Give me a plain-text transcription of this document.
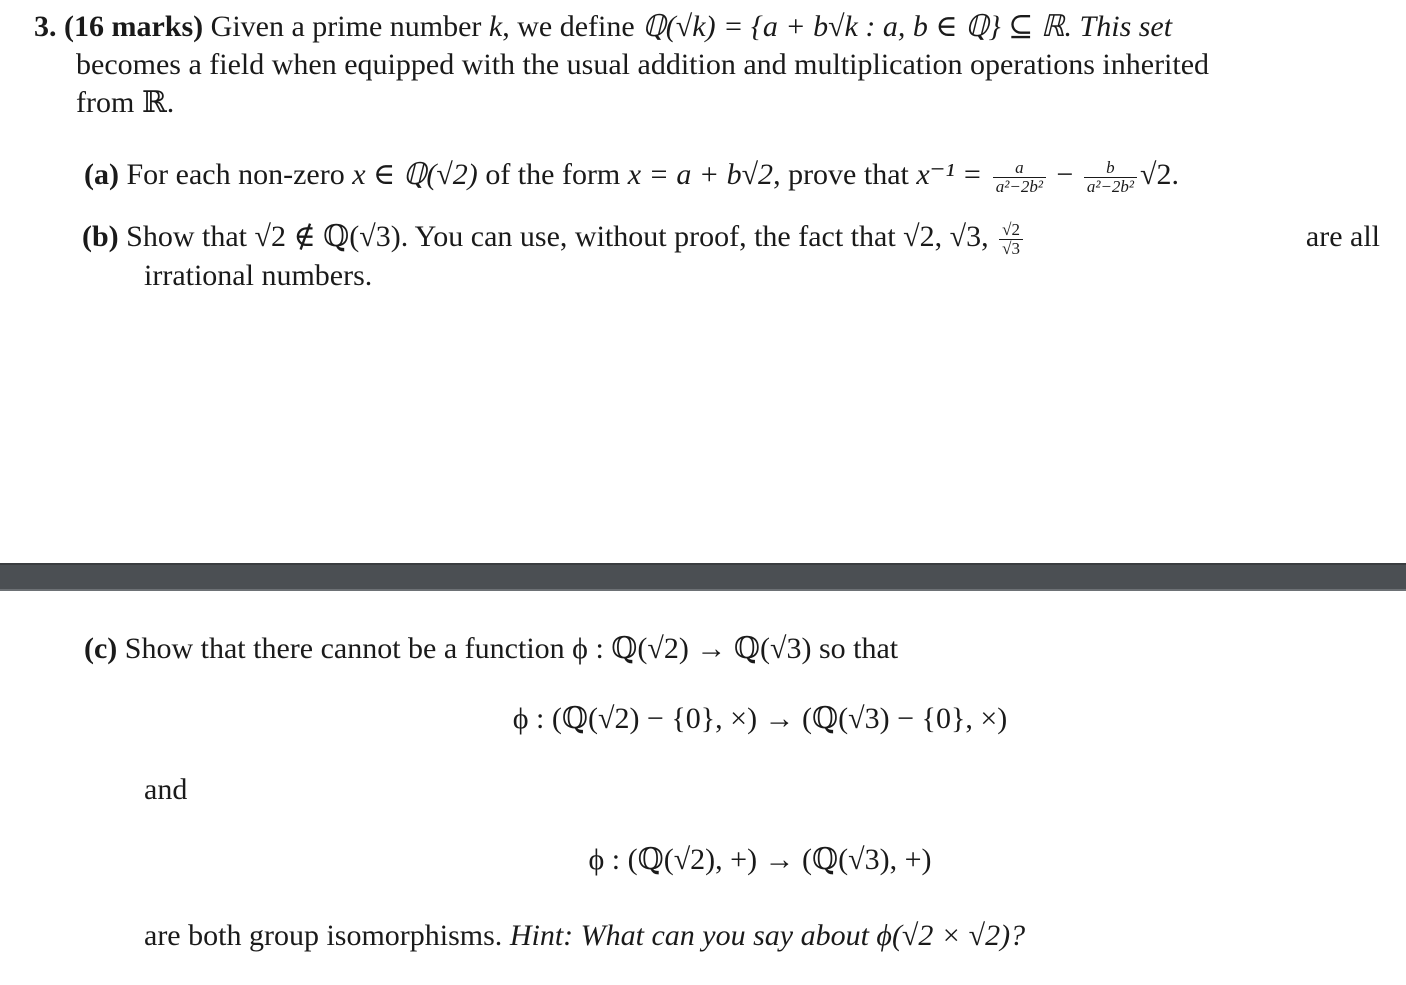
3. (16 marks) Given a prime number k, we define ℚ(√k) = {a + b√k : a, b ∈ ℚ} ⊆ ℝ. This set
becomes a field when equipped with the usual addition and multiplication operations inherited
from ℝ.
(a) For each non-zero x ∈ ℚ(√2) of the form x = a + b√2, prove that $x^{-1} = \frac{a}{\text{a²−2b²}} - \frac{b}{\text{a²−2b²}} √2$.
(b) Show that √2 ∉ ℚ(√3). You can use, without proof, the fact that √2, √3, $\frac{√2}{√3}$	are all
irrational numbers.
(c) Show that there cannot be a function ϕ : ℚ(√2) → ℚ(√3) so that
ϕ : (ℚ(√2) − {0}, ×) → (ℚ(√3) − {0}, ×)
and
ϕ : (ℚ(√2), +) → (ℚ(√3), +)
are both group isomorphisms. Hint: What can you say about ϕ(√2 × √2)?
